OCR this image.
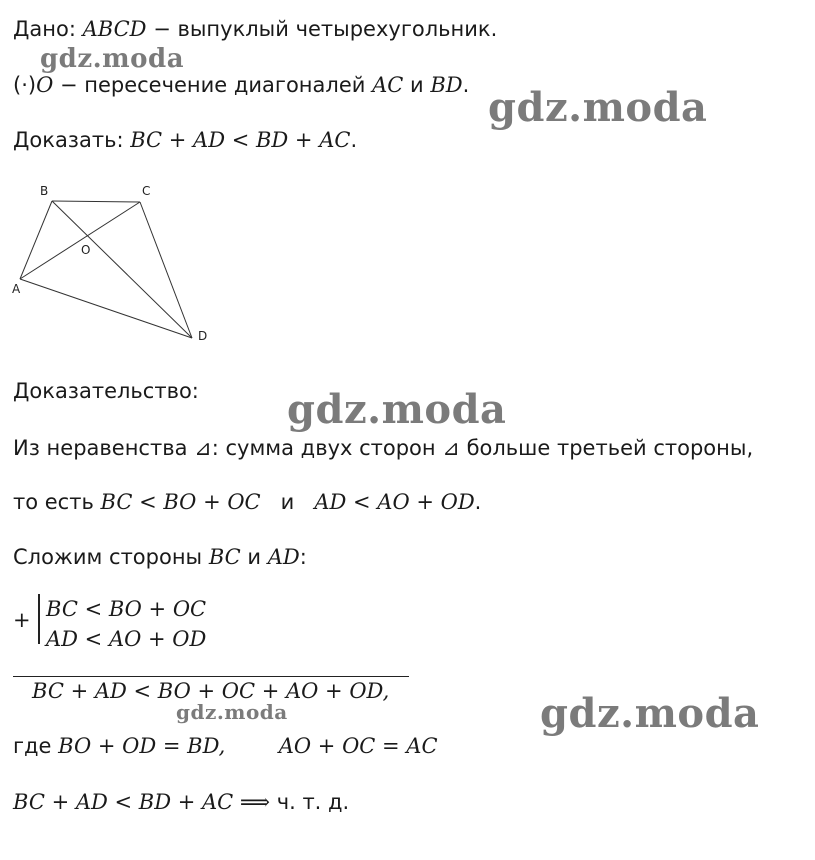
Дано: ABCD − выпуклый четырехугольник.
(·)O − пересечение диагоналей AC и BD.
Доказать: BC + AD < BD + AC.
B	C
O
A
D
Доказательство:
Из неравенства ⊿: сумма двух сторон ⊿ больше третьей стороны,
то есть BC < BO + OC   и   AD < AO + OD.
Сложим стороны BC и AD:
+ BC < BO + OC
AD < AO + OD
BC + AD < BO + OC + AO + OD,
где BO + OD = BD,	AO + OC = AC
BC + AD < BD + AC ⟹ ч. т. д.
gdz.moda
gdz.moda
gdz.moda
gdz.moda	gdz.moda
